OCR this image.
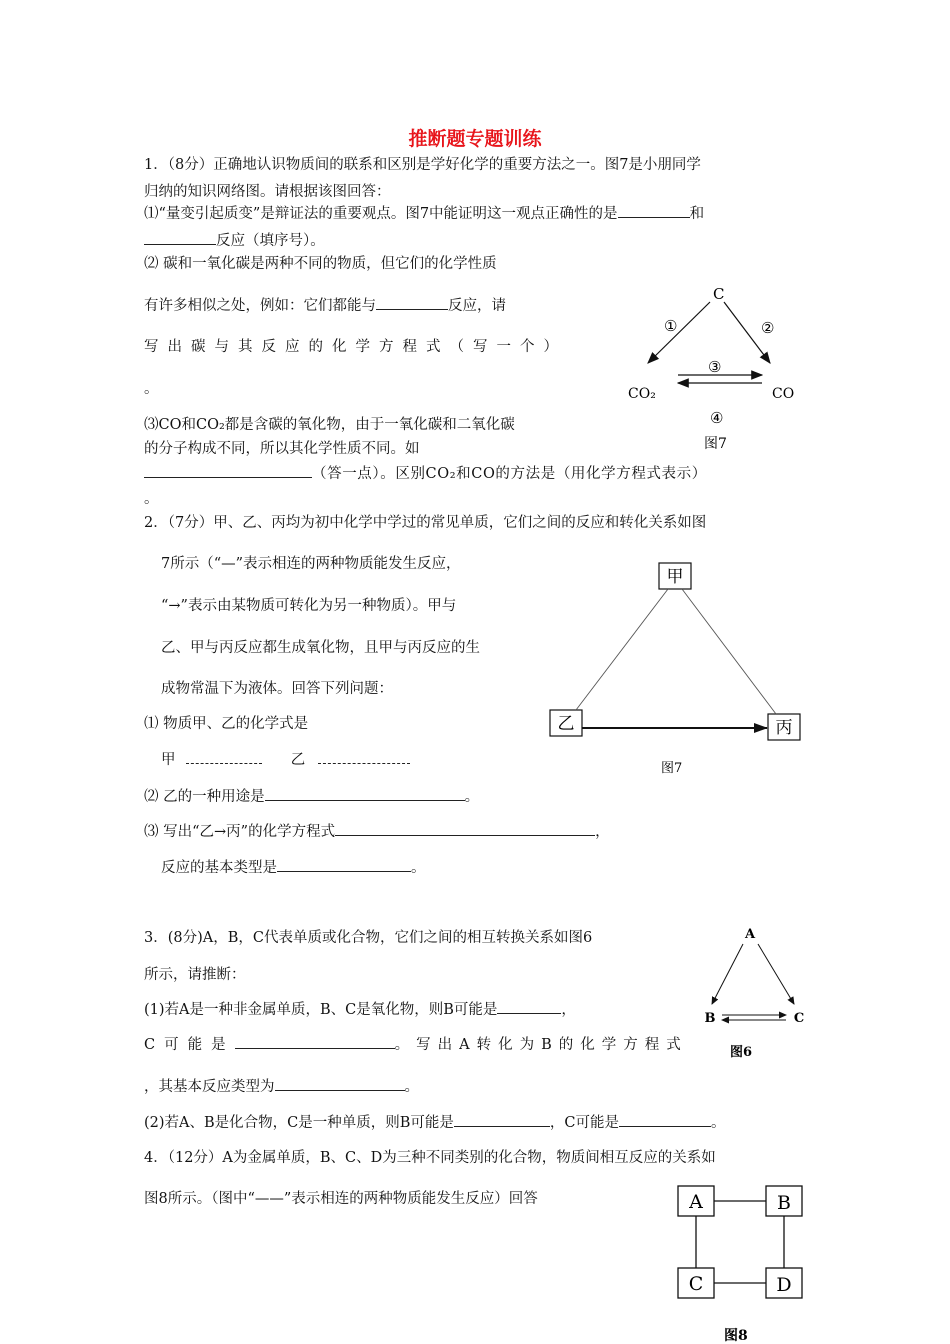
推断题专题训练
1．（8分）正确地认识物质间的联系和区别是学好化学的重要方法之一。图7是小朋同学
归纳的知识网络图。请根据该图回答：
⑴“量变引起质变”是辩证法的重要观点。图7中能证明这一观点正确性的是	和
反应（填序号）。
⑵ 碳和一氧化碳是两种不同的物质，但它们的化学性质
有许多相似之处，例如：它们都能与	反应，请
写出碳与其反应的化学方程式（写一个）
。
⑶CO和CO₂都是含碳的氧化物，由于一氧化碳和二氧化碳
的分子构成不同，所以其化学性质不同。如
（答一点）。区别CO₂和CO的方法是（用化学方程式表示）
。
C
①	②
③
CO₂	CO
④
图7
2．（7分）甲、乙、丙均为初中化学中学过的常见单质，它们之间的反应和转化关系如图
7所示（“—”表示相连的两种物质能发生反应，
“→”表示由某物质可转化为另一种物质）。甲与
乙、甲与丙反应都生成氧化物，且甲与丙反应的生
成物常温下为液体。回答下列问题：
⑴ 物质甲、乙的化学式是
甲	乙
⑵ 乙的一种用途是	。
⑶ 写出“乙→丙”的化学方程式	，
反应的基本类型是	。
甲
乙	丙
图7
3．(8分)A，B，C代表单质或化合物，它们之间的相互转换关系如图6
所示，请推断：
(1)若A是一种非金属单质，B、C是氧化物，则B可能是	，
C可能是	。写出A转化为B的化学方程式
，其基本反应类型为	。
(2)若A、B是化合物，C是一种单质，则B可能是	，C可能是	。
A
B	C
图6
4．（12分）A为金属单质，B、C、D为三种不同类别的化合物，物质间相互反应的关系如
图8所示。（图中“——”表示相连的两种物质能发生反应）回答	A	B
C	D
图8
